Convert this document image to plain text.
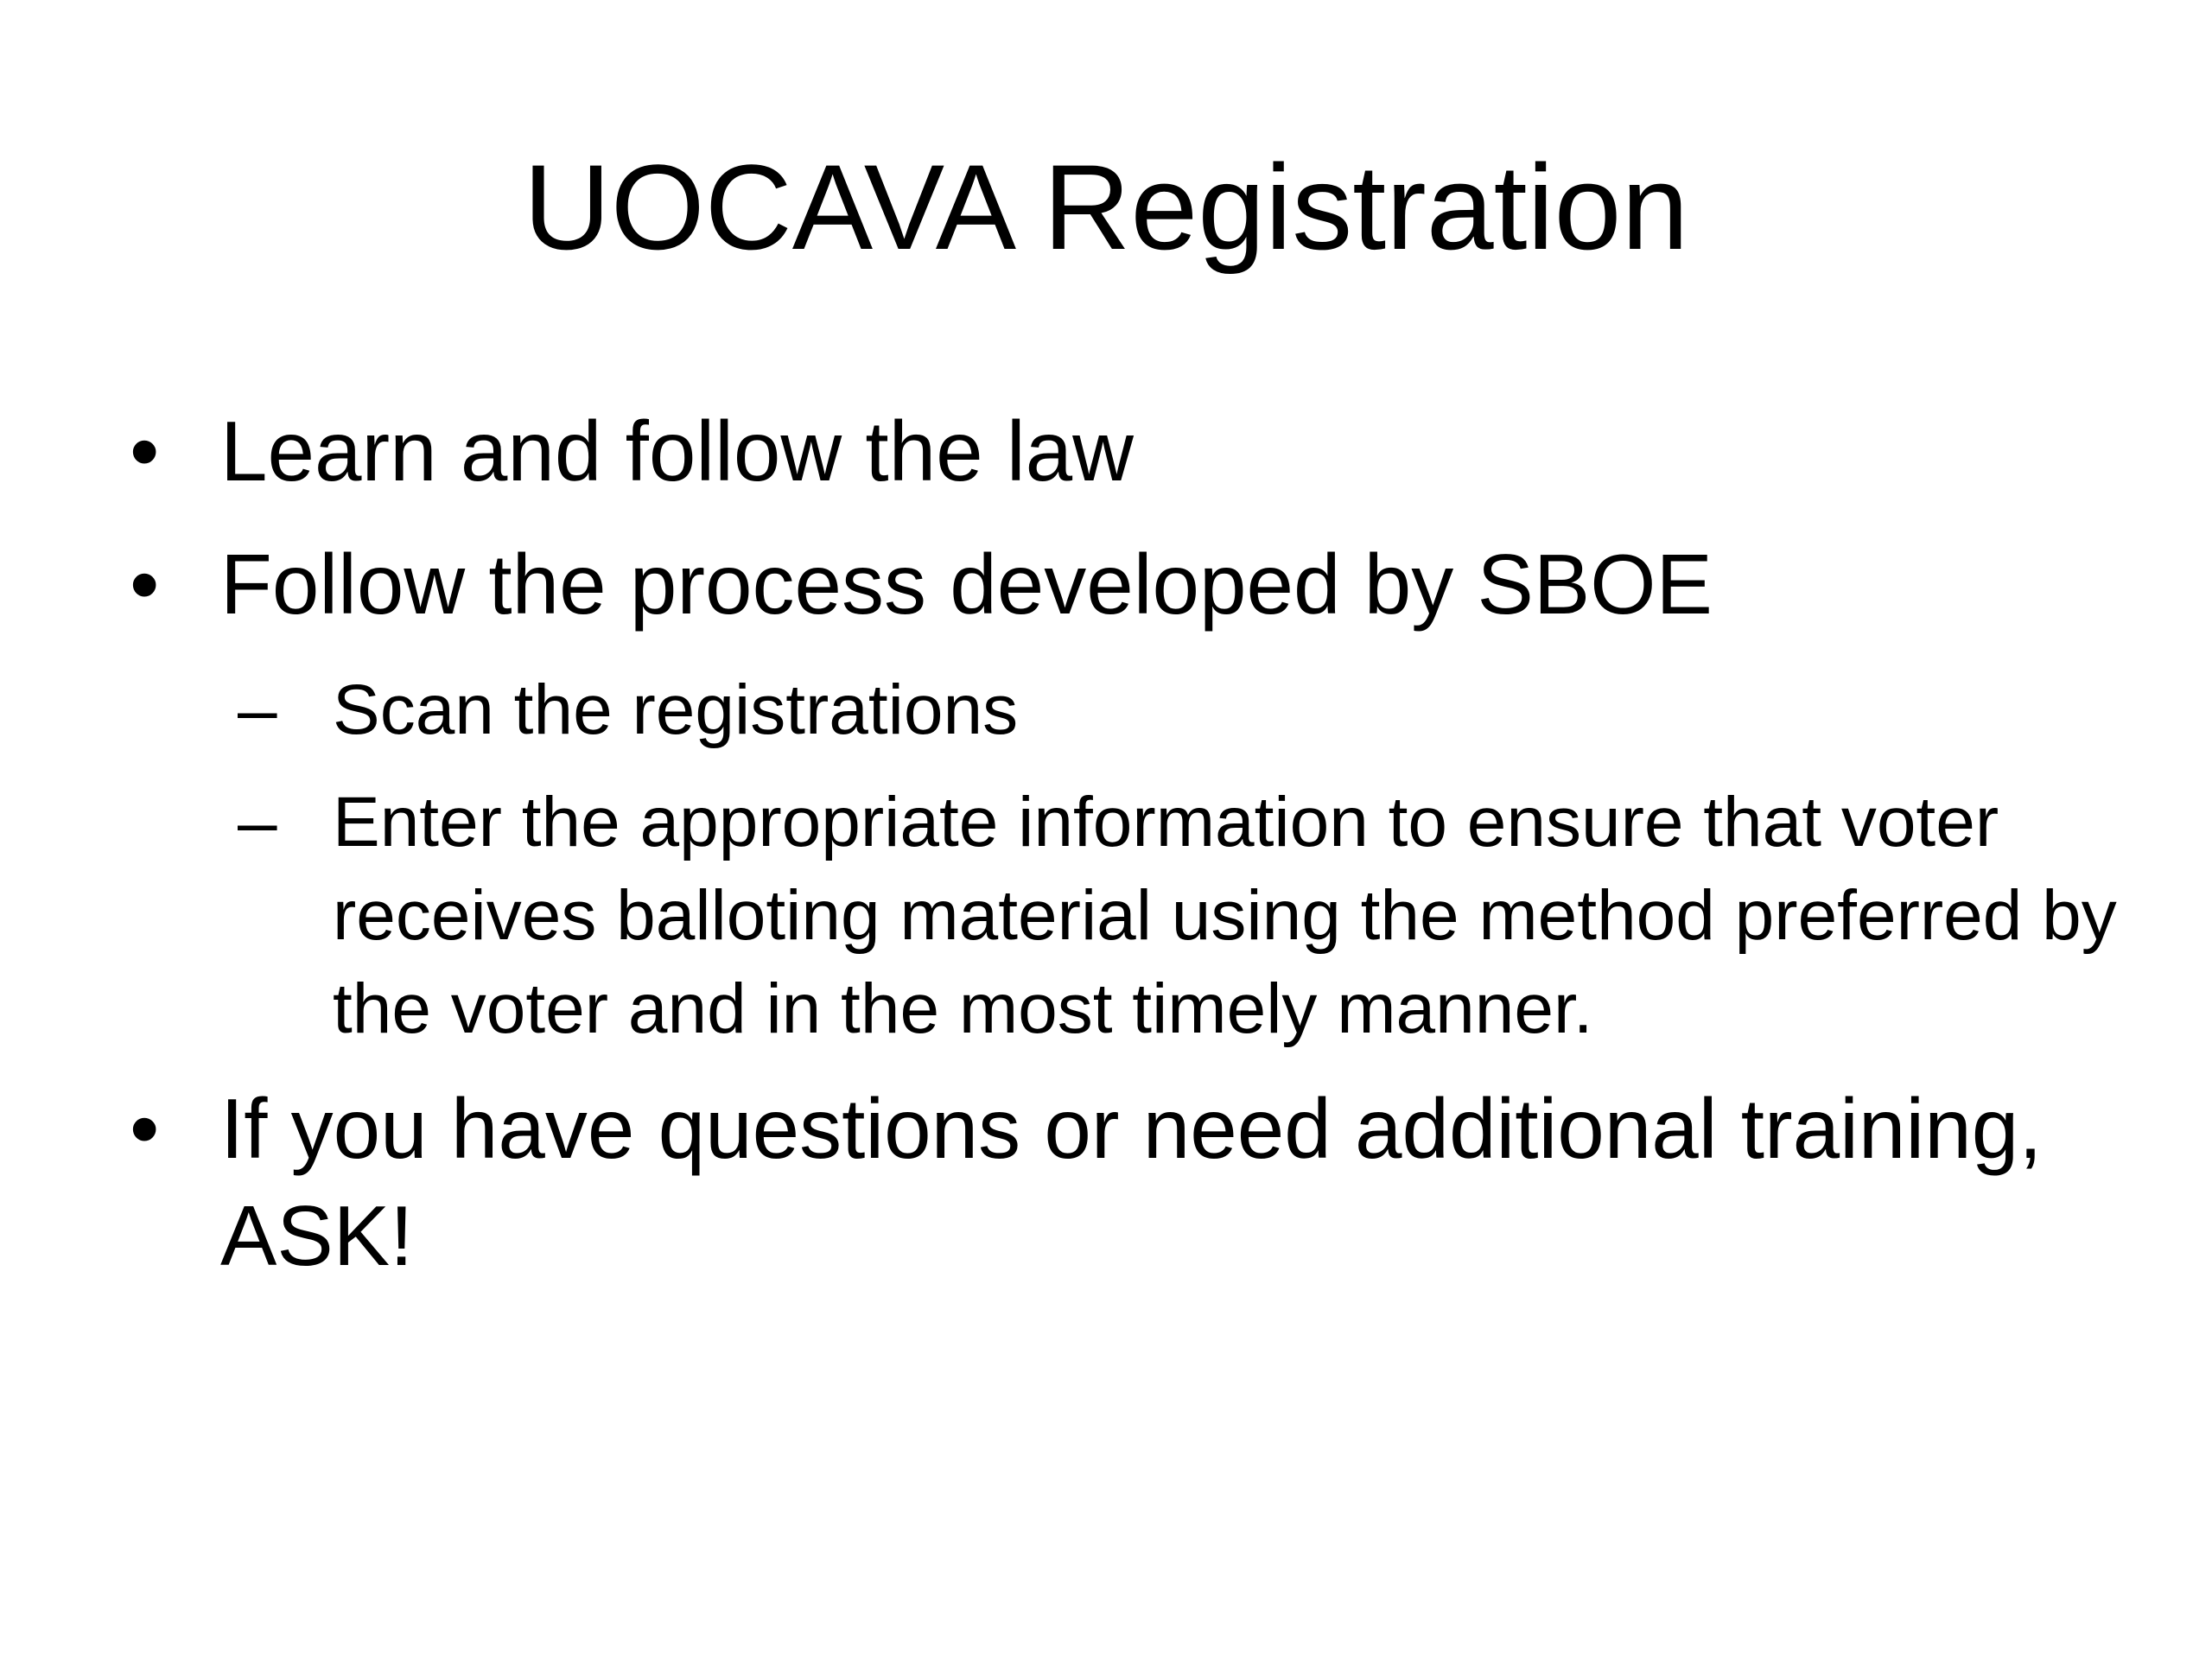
UOCAVA Registration
• Learn and follow the law
• Follow the process developed by SBOE
– Scan the registrations
– Enter the appropriate information to ensure that voter receives balloting material using the method preferred by the voter and in the most timely manner.
• If you have questions or need additional training, ASK!
